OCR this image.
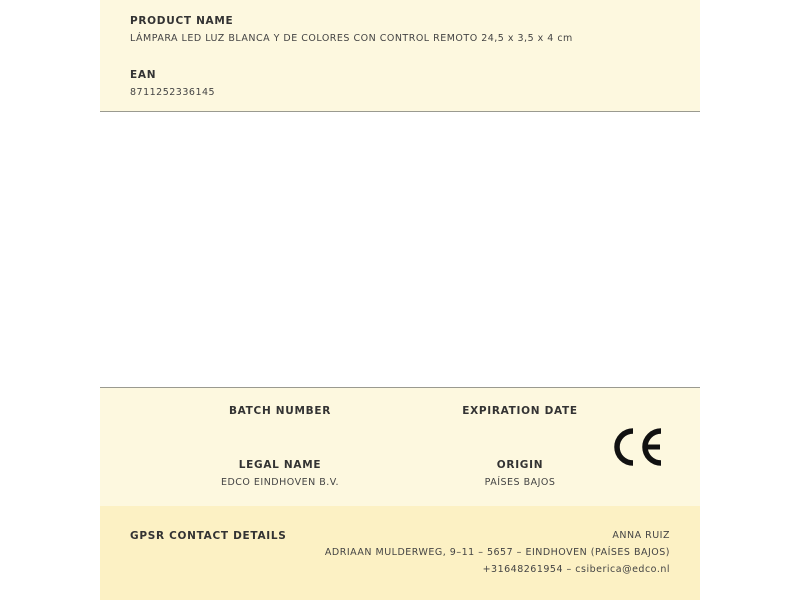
PRODUCT NAME
LÁMPARA LED LUZ BLANCA Y DE COLORES CON CONTROL REMOTO 24,5 x 3,5 x 4 cm
EAN
8711252336145
BATCH NUMBER	EXPIRATION DATE
LEGAL NAME
EDCO EINDHOVEN B.V.
ORIGIN
PAÍSES BAJOS
GPSR CONTACT DETAILS	ANNA RUIZ
ADRIAAN MULDERWEG, 9–11 – 5657 – EINDHOVEN (PAÍSES BAJOS)
+31648261954 – csiberica@edco.nl
